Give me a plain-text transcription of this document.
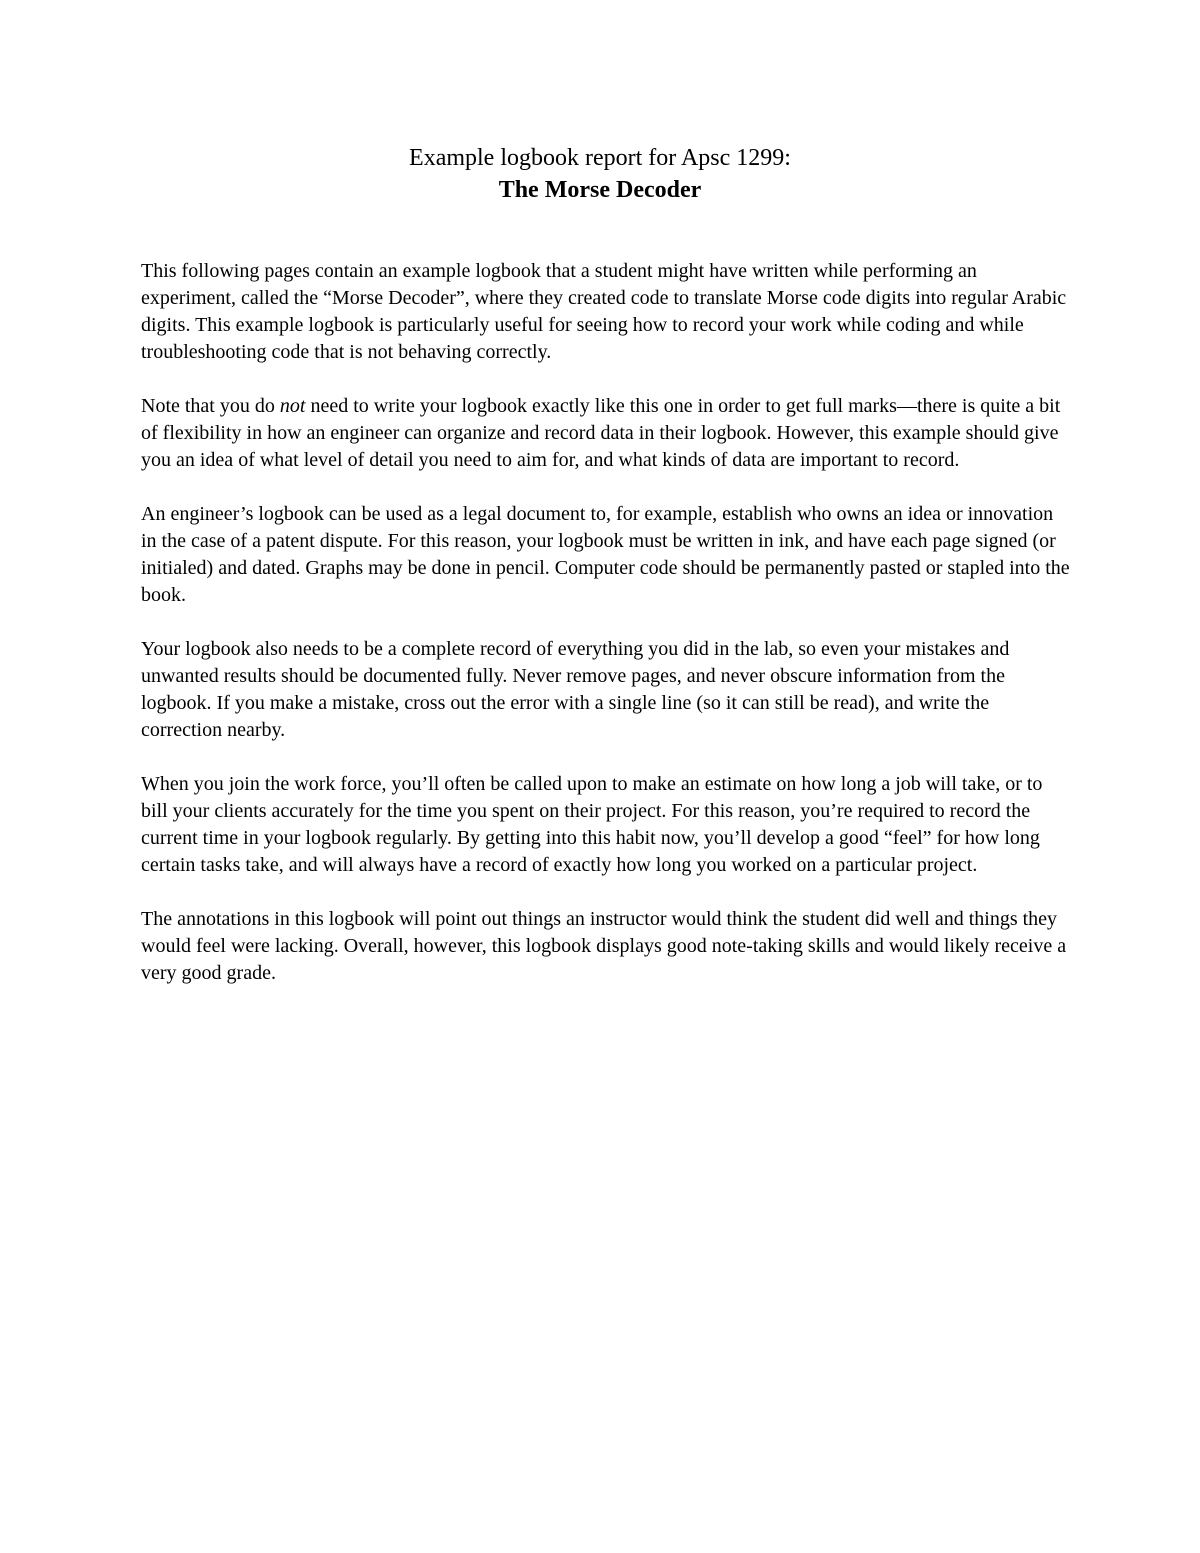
Example logbook report for Apsc 1299:
The Morse Decoder

This following pages contain an example logbook that a student might have written while performing an experiment, called the “Morse Decoder”, where they created code to translate Morse code digits into regular Arabic digits. This example logbook is particularly useful for seeing how to record your work while coding and while troubleshooting code that is not behaving correctly.

Note that you do not need to write your logbook exactly like this one in order to get full marks—there is quite a bit of flexibility in how an engineer can organize and record data in their logbook. However, this example should give you an idea of what level of detail you need to aim for, and what kinds of data are important to record.

An engineer’s logbook can be used as a legal document to, for example, establish who owns an idea or innovation in the case of a patent dispute. For this reason, your logbook must be written in ink, and have each page signed (or initialed) and dated. Graphs may be done in pencil. Computer code should be permanently pasted or stapled into the book.

Your logbook also needs to be a complete record of everything you did in the lab, so even your mistakes and unwanted results should be documented fully. Never remove pages, and never obscure information from the logbook. If you make a mistake, cross out the error with a single line (so it can still be read), and write the correction nearby.

When you join the work force, you’ll often be called upon to make an estimate on how long a job will take, or to bill your clients accurately for the time you spent on their project. For this reason, you’re required to record the current time in your logbook regularly. By getting into this habit now, you’ll develop a good “feel” for how long certain tasks take, and will always have a record of exactly how long you worked on a particular project.

The annotations in this logbook will point out things an instructor would think the student did well and things they would feel were lacking. Overall, however, this logbook displays good note-taking skills and would likely receive a very good grade.
